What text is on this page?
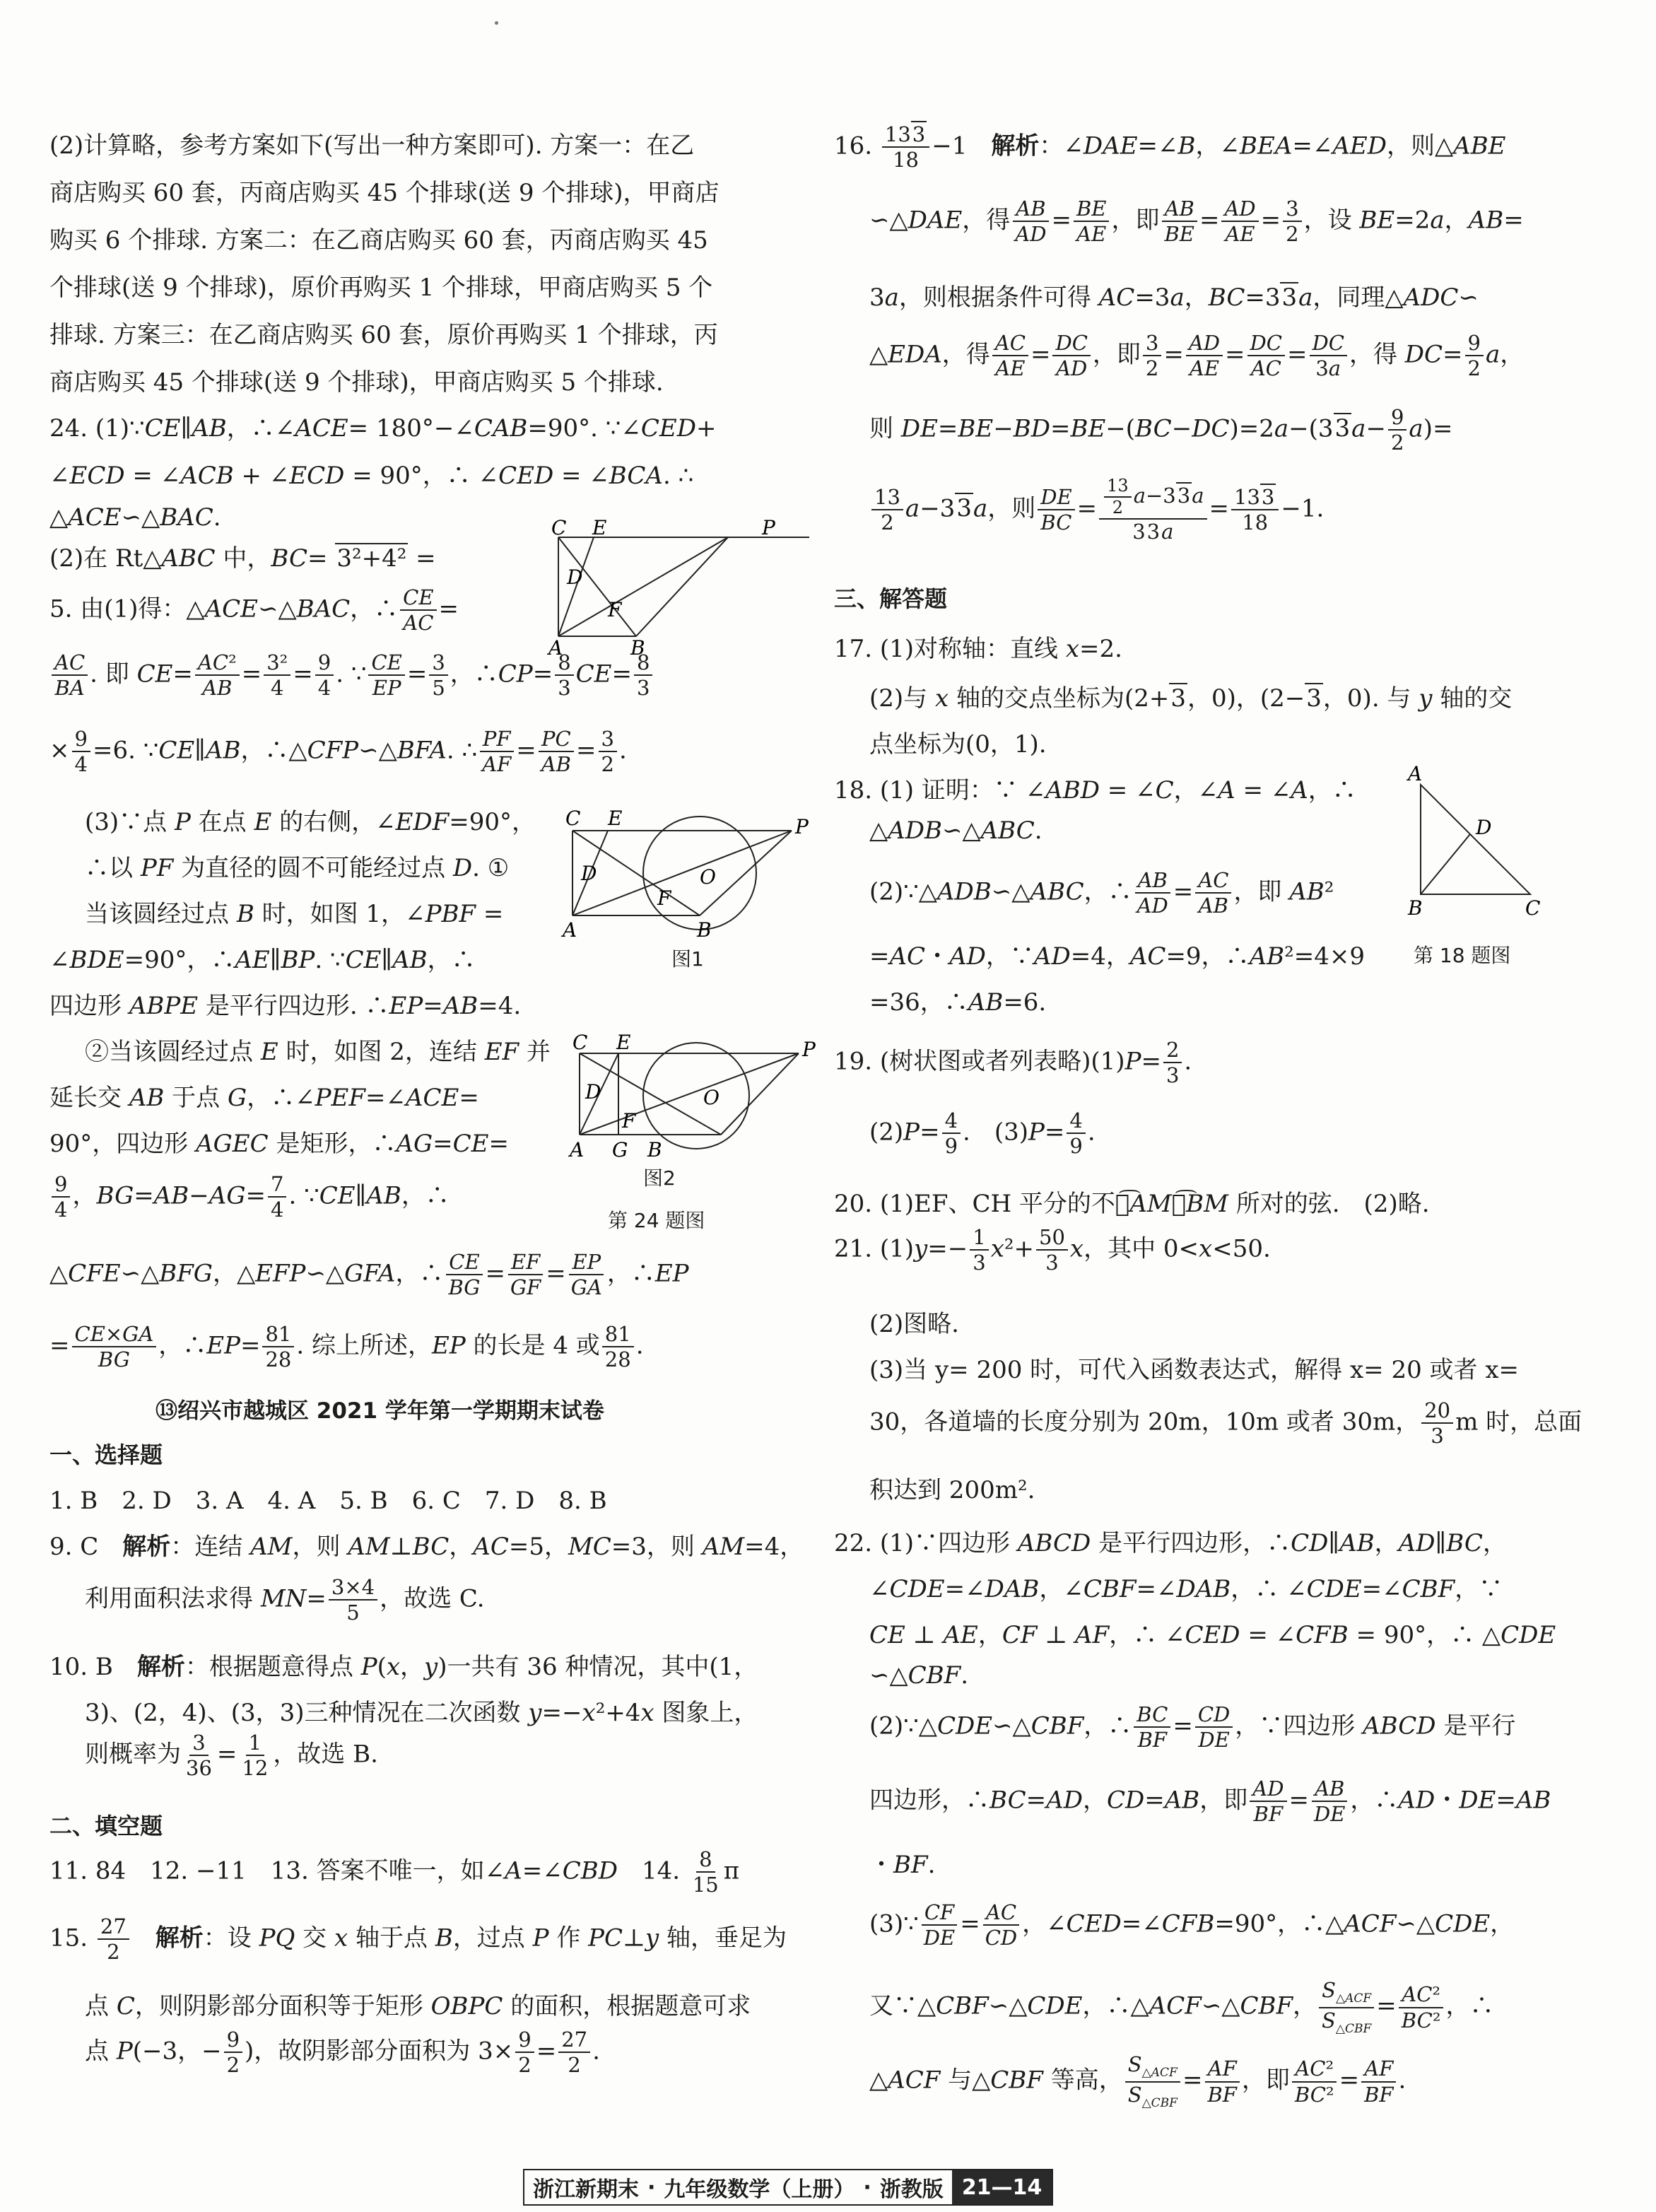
(2)计算略，参考方案如下(写出一种方案即可). 方案一：在乙
商店购买 60 套，丙商店购买 45 个排球(送 9 个排球)，甲商店
购买 6 个排球. 方案二：在乙商店购买 60 套，丙商店购买 45
个排球(送 9 个排球)，原价再购买 1 个排球，甲商店购买 5 个
排球. 方案三：在乙商店购买 60 套，原价再购买 1 个排球，丙
商店购买 45 个排球(送 9 个排球)，甲商店购买 5 个排球.
24. (1)∵CE∥AB，∴∠ACE= 180°−∠CAB=90°. ∵∠CED+
∠ECD = ∠ACB + ∠ECD = 90°，∴ ∠CED = ∠BCA. ∴
△ACE∽△BAC.
(2)在 Rt△ABC 中，BC= 3²+4² =
5. 由(1)得：△ACE∽△BAC，∴ $\frac{CE}{AC}$ =
$\frac{AC}{BA}$ . 即 $CE= \frac{\text{AC²}}{AB} = \frac{\text{3²}}{4} = \frac{9}{4}$ . ∵ $\frac{CE}{EP} = \frac{3}{5}$ ，∴CP= $\frac{8}{3} CE= \frac{8}{3}$
× $\frac{9}{4} =6$. ∵CE∥AB，∴△CFP∽△BFA. ∴ $\frac{PF}{AF} = \frac{PC}{AB} = \frac{3}{2}$ .
(3)∵点 P 在点 E 的右侧，∠EDF=90°，
∴以 PF 为直径的圆不可能经过点 D. ①
当该圆经过点 B 时，如图 1，∠PBF =
∠BDE=90°，∴AE∥BP. ∵CE∥AB，∴
四边形 ABPE 是平行四边形. ∴EP=AB=4.
②当该圆经过点 E 时，如图 2，连结 EF 并
延长交 AB 于点 G，∴∠PEF=∠ACE=
90°，四边形 AGEC 是矩形，∴AG=CE=
$\frac{9}{4}$ ，$BG=AB-AG= \frac{7}{4}$ . ∵CE∥AB，∴
△CFE∽△BFG，△EFP∽△GFA，∴ $\frac{CE}{BG} = \frac{EF}{GF} = \frac{EP}{GA}$ ，∴EP
= $\frac{CE\times GA}{BG}$ ，∴EP= $\frac{81}{28}$ . 综上所述，EP 的长是 4 或 $\frac{81}{28}$ .
⑬绍兴市越城区 2021 学年第一学期期末试卷
一、选择题
1. B　2. D　3. A　4. A　5. B　6. C　7. D　8. B
9. C　解析：连结 AM，则 AM⊥BC，AC=5，MC=3，则 AM=4，
利用面积法求得 $MN= \frac{3\times 4}{5}$ ，故选 C.
10. B　解析：根据题意得点 P(x，y)一共有 36 种情况，其中(1，
3)、(2，4)、(3，3)三种情况在二次函数 y=−x²+4x 图象上，
则概率为 $\frac{3}{36} = \frac{1}{12}$ ，故选 B.
二、填空题
11. 84　12. −11　13. 答案不唯一，如∠A=∠CBD　14. $\frac{8}{15}$ π
15. $\frac{27}{2}$
　 解析：设 PQ 交 x 轴于点 B，过点 P 作 PC⊥y 轴，垂足为
点 C，则阴影部分面积等于矩形 OBPC 的面积，根据题意可求
点 P(−3，− $\frac{9}{2}$ )，故阴影部分面积为 $3\times \frac{9}{2} = \frac{27}{2}$ .
C E	P
D
F
A	B
C E	P
D
F
O
A	B
图1
C E	P
D
F
O
A G B
图2
第 24 题图
16. $\frac{133}{18} -1$　解析：∠DAE=∠B，∠BEA=∠AED，则△ABE
∽△DAE，得 $\frac{AB}{AD} = \frac{BE}{AE}$ ，即 $\frac{AB}{BE} = \frac{AD}{AE} = \frac{3}{2}$ ，设 BE=2a，AB=
3a，则根据条件可得 AC=3a，BC=33a，同理△ADC∽
△EDA，得 $\frac{AC}{AE} = \frac{DC}{AD}$ ，即 $\frac{3}{2} = \frac{AD}{AE} = \frac{DC}{AC} = \frac{DC}{3a}$ ，得 $DC= \frac{9}{2}$ a，
则 $DE=BE-BD=BE-(BC-DC)=2a-(33a- \frac{9}{2} a)=$
$\frac{13}{2} a-33a$，则 $\frac{DE}{BC} = \frac{\frac{13}{2} a-33a}{33a} = \frac{133}{18} -1$.
三、解答题
17. (1)对称轴：直线 x=2.
(2)与 x 轴的交点坐标为(2+3，0)，(2−3，0). 与 y 轴的交
点坐标为(0，1).
18. (1) 证明：∵ ∠ABD = ∠C，∠A = ∠A，∴
△ADB∽△ABC.
(2)∵△ADB∽△ABC，∴ $\frac{AB}{AD} = \frac{AC}{AB}$ ，即 AB²
=AC・AD，∵AD=4，AC=9，∴AB²=4×9
=36，∴AB=6.
A
D
B	C
第 18 题图
19. (树状图或者列表略)$(1)P= \frac{2}{3}$ .
$(2)P= \frac{4}{9}$ .　$(3)P= \frac{4}{9}$ .
20. (1)EF、CH 平分的不是AM、BM 所对的弦.　(2)略.
21. $(1)y=- \frac{1}{3} x^2+ \frac{50}{3}$ x，其中 0<x<50.
(2)图略.
(3)当 y= 200 时，可代入函数表达式，解得 x= 20 或者 x=
30，各道墙的长度分别为 20m，10m 或者 30m， $\frac{20}{3}$ m 时，总面
积达到 200m².
22. (1)∵四边形 ABCD 是平行四边形，∴CD∥AB，AD∥BC，
∠CDE=∠DAB，∠CBF=∠DAB，∴ ∠CDE=∠CBF，∵
CE ⊥ AE，CF ⊥ AF，∴ ∠CED = ∠CFB = 90°，∴ △CDE
∽△CBF.
(2)∵△CDE∽△CBF，∴ $\frac{BC}{BF} = \frac{CD}{DE}$ ，∵四边形 ABCD 是平行
四边形，∴BC=AD，CD=AB，即 $\frac{AD}{BF} = \frac{AB}{DE}$ ，∴AD・DE=AB
・BF.
(3)∵ $\frac{CF}{DE} = \frac{AC}{CD}$ ，∠CED=∠CFB=90°，∴△ACF∽△CDE，
又∵△CBF∽△CDE，∴△ACF∽△CBF， $\frac{S_{\triangle ACF}}{S_{\triangle CBF}} = \frac{\text{AC²}}{\text{BC²}}$ ，∴
△ACF 与△CBF 等高， $\frac{S_{\triangle ACF}}{S_{\triangle CBF}} = \frac{AF}{BF}$ ，即 $\frac{\text{AC²}}{\text{BC²}} = \frac{AF}{BF}$ .
浙江新期末 · 九年级数学（上册） · 浙教版 21—14
